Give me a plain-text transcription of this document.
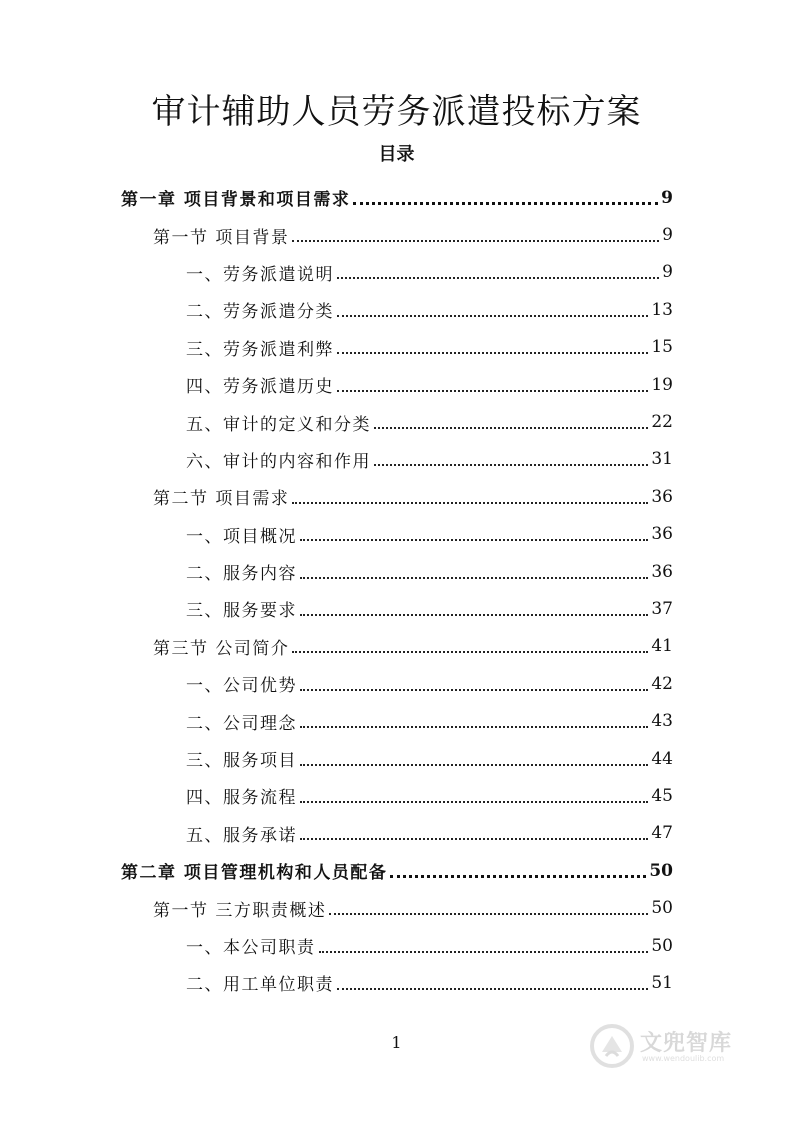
审计辅助人员劳务派遣投标方案
目录
第一章 项目背景和项目需求	9
第一节 项目背景	9
一、劳务派遣说明	9
二、劳务派遣分类	13
三、劳务派遣利弊	15
四、劳务派遣历史	19
五、审计的定义和分类	22
六、审计的内容和作用	31
第二节 项目需求	36
一、项目概况	36
二、服务内容	36
三、服务要求	37
第三节 公司简介	41
一、公司优势	42
二、公司理念	43
三、服务项目	44
四、服务流程	45
五、服务承诺	47
第二章 项目管理机构和人员配备	50
第一节 三方职责概述	50
一、本公司职责	50
二、用工单位职责	51
1	文兜智库
www.wendoulib.com
